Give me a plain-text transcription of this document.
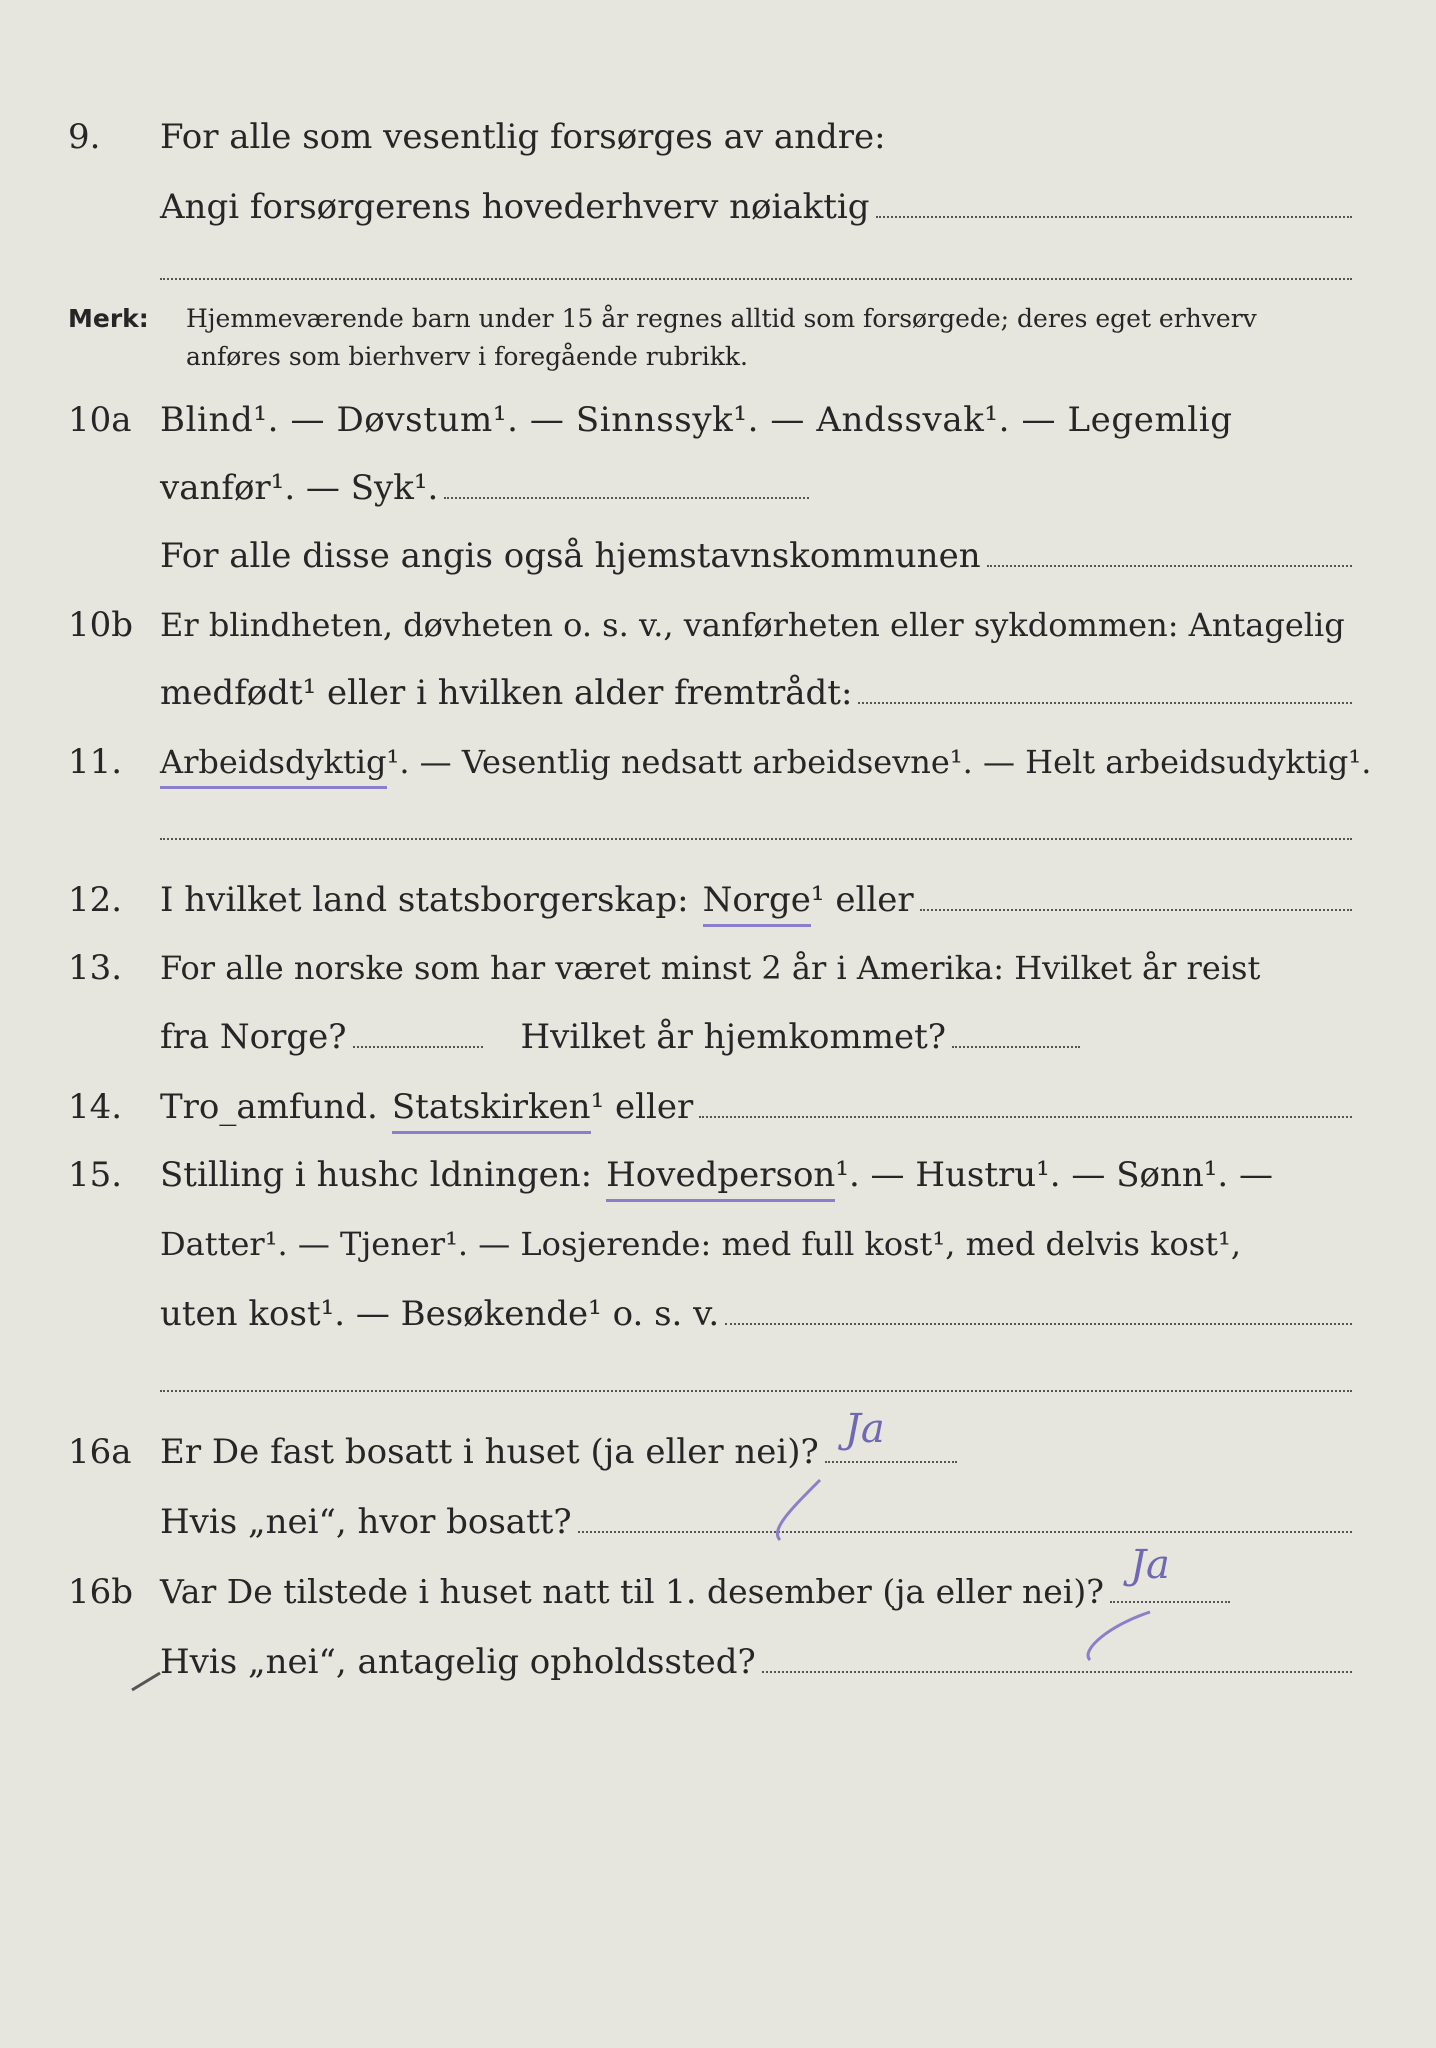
9.	For alle som vesentlig forsørges av andre:
Angi forsørgerens hovederhverv nøiaktig
Merk: Hjemmeværende barn under 15 år regnes alltid som forsørgede; deres eget erhverv
anføres som bierhverv i foregående rubrikk.
10a Blind¹. — Døvstum¹. — Sinnssyk¹. — Andssvak¹. — Legemlig
vanfør¹. — Syk¹.
For alle disse angis også hjemstavnskommunen
10b Er blindheten, døvheten o. s. v., vanførheten eller sykdommen: Antagelig
medfødt¹ eller i hvilken alder fremtrådt:
11.	Arbeidsdyktig ¹. — Vesentlig nedsatt arbeidsevne¹. — Helt arbeidsudyktig¹.
12.	I hvilket land statsborgerskap: Norge ¹ eller
13.	For alle norske som har været minst 2 år i Amerika: Hvilket år reist
fra Norge?	Hvilket år hjemkommet?
14.	Tro_amfund. Statskirken ¹ eller
15.	Stilling i hushc ldningen: Hovedperson ¹. — Hustru¹. — Sønn¹. —
Datter¹. — Tjener¹. — Losjerende: med full kost¹, med delvis kost¹,
uten kost¹. — Besøkende¹ o. s. v.
16a Er De fast bosatt i huset (ja eller nei)? Ja
Hvis „nei“, hvor bosatt?
16b Var De tilstede i huset natt til 1. desember (ja eller nei)?
Ja
Hvis „nei“, antagelig opholdssted?
